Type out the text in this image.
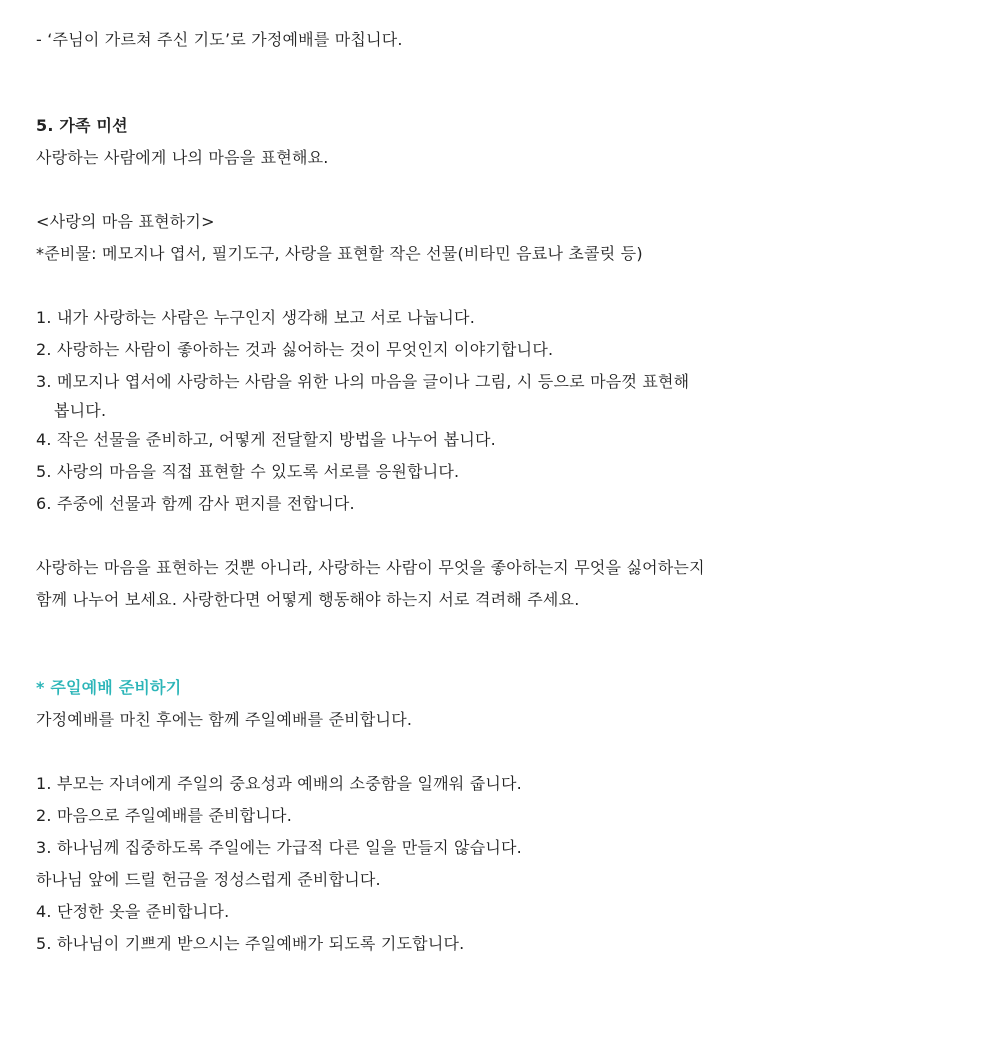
- ‘주님이 가르쳐 주신 기도’로 가정예배를 마칩니다.
5. 가족 미션
사랑하는 사람에게 나의 마음을 표현해요.
<사랑의 마음 표현하기>
*준비물: 메모지나 엽서, 필기도구, 사랑을 표현할 작은 선물(비타민 음료나 초콜릿 등)
1. 내가 사랑하는 사람은 누구인지 생각해 보고 서로 나눕니다.
2. 사랑하는 사람이 좋아하는 것과 싫어하는 것이 무엇인지 이야기합니다.
3. 메모지나 엽서에 사랑하는 사람을 위한 나의 마음을 글이나 그림, 시 등으로 마음껏 표현해
봅니다.
4. 작은 선물을 준비하고, 어떻게 전달할지 방법을 나누어 봅니다.
5. 사랑의 마음을 직접 표현할 수 있도록 서로를 응원합니다.
6. 주중에 선물과 함께 감사 편지를 전합니다.
사랑하는 마음을 표현하는 것뿐 아니라, 사랑하는 사람이 무엇을 좋아하는지 무엇을 싫어하는지
함께 나누어 보세요. 사랑한다면 어떻게 행동해야 하는지 서로 격려해 주세요.
* 주일예배 준비하기
가정예배를 마친 후에는 함께 주일예배를 준비합니다.
1. 부모는 자녀에게 주일의 중요성과 예배의 소중함을 일깨워 줍니다.
2. 마음으로 주일예배를 준비합니다.
3. 하나님께 집중하도록 주일에는 가급적 다른 일을 만들지 않습니다.
하나님 앞에 드릴 헌금을 정성스럽게 준비합니다.
4. 단정한 옷을 준비합니다.
5. 하나님이 기쁘게 받으시는 주일예배가 되도록 기도합니다.
